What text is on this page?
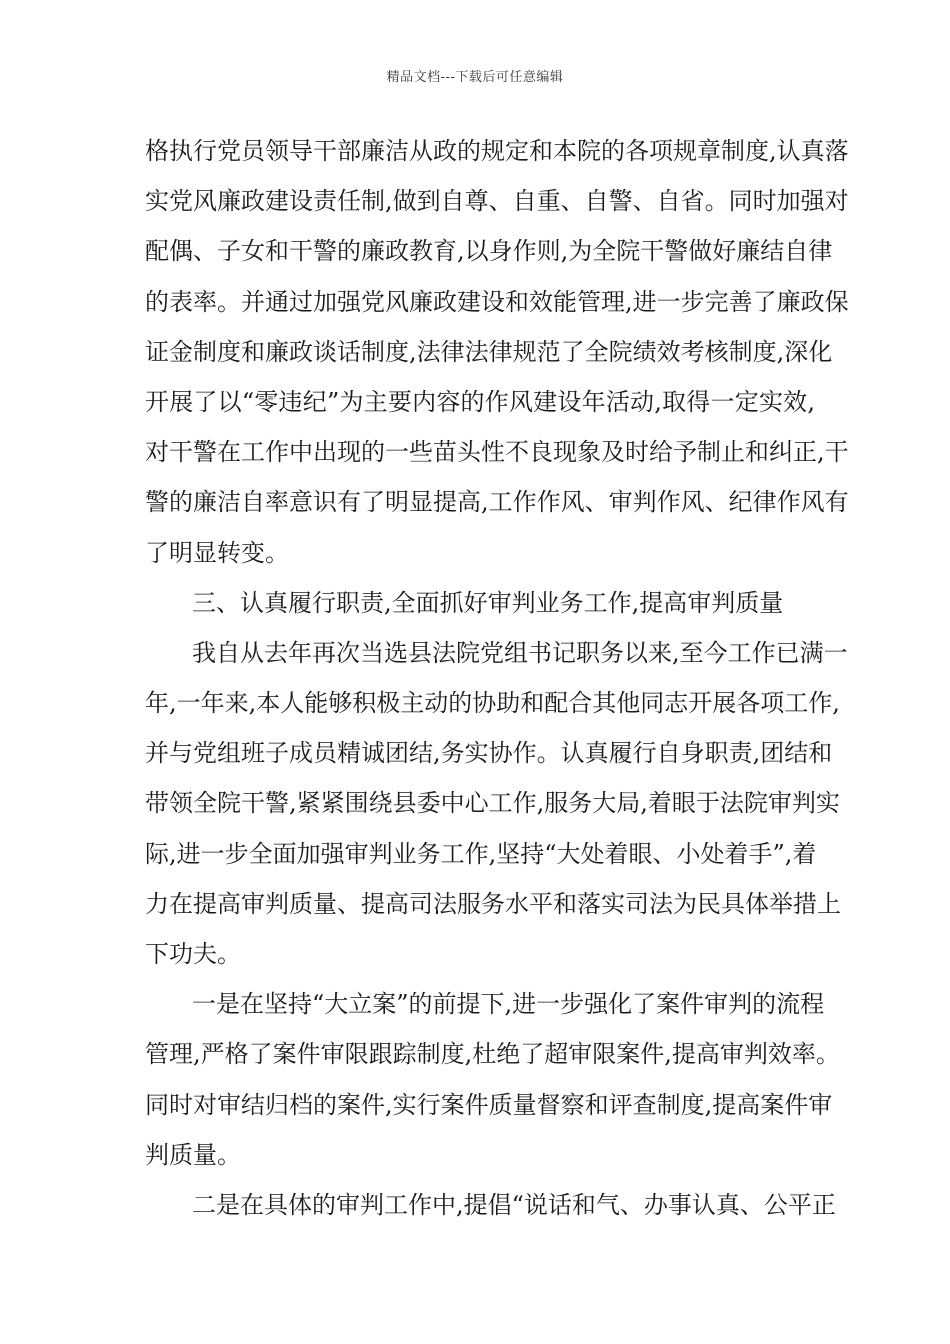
精品文档---下载后可任意编辑
格执行党员领导干部廉洁从政的规定和本院的各项规章制度,认真落
实党风廉政建设责任制,做到自尊、自重、自警、自省。同时加强对
配偶、子女和干警的廉政教育,以身作则,为全院干警做好廉结自律
的表率。并通过加强党风廉政建设和效能管理,进一步完善了廉政保
证金制度和廉政谈话制度,法律法律规范了全院绩效考核制度,深化
开展了以“零违纪”为主要内容的作风建设年活动,取得一定实效,
对干警在工作中出现的一些苗头性不良现象及时给予制止和纠正,干
警的廉洁自率意识有了明显提高,工作作风、审判作风、纪律作风有
了明显转变。
三、认真履行职责,全面抓好审判业务工作,提高审判质量
我自从去年再次当选县法院党组书记职务以来,至今工作已满一
年,一年来,本人能够积极主动的协助和配合其他同志开展各项工作,
并与党组班子成员精诚团结,务实协作。认真履行自身职责,团结和
带领全院干警,紧紧围绕县委中心工作,服务大局,着眼于法院审判实
际,进一步全面加强审判业务工作,坚持“大处着眼、小处着手”,着
力在提高审判质量、提高司法服务水平和落实司法为民具体举措上
下功夫。
一是在坚持“大立案”的前提下,进一步强化了案件审判的流程
管理,严格了案件审限跟踪制度,杜绝了超审限案件,提高审判效率。
同时对审结归档的案件,实行案件质量督察和评查制度,提高案件审
判质量。
二是在具体的审判工作中,提倡“说话和气、办事认真、公平正
